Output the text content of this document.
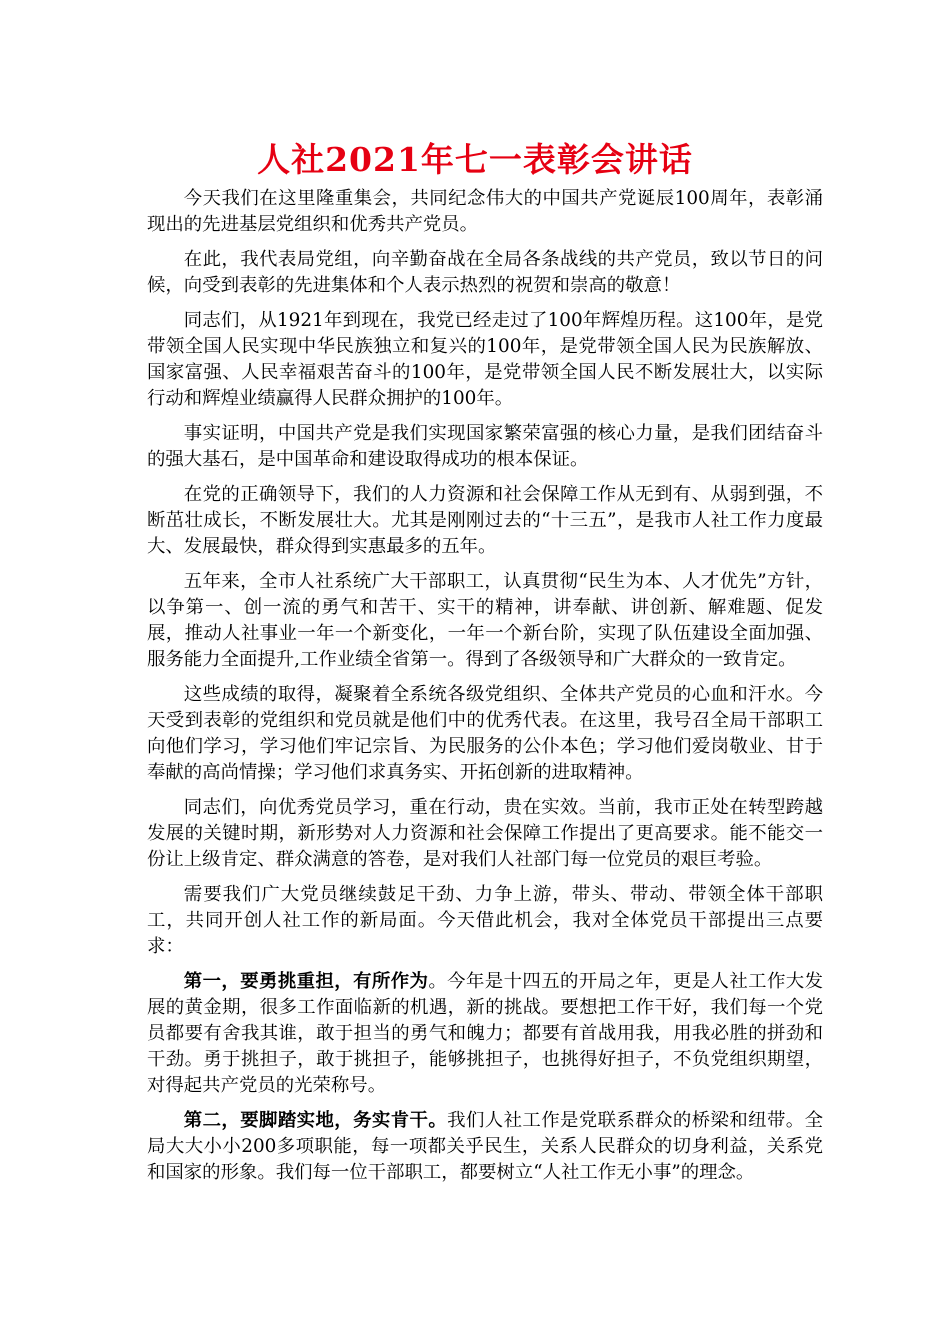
人社2021年七一表彰会讲话

今天我们在这里隆重集会，共同纪念伟大的中国共产党诞辰100周年，表彰涌现出的先进基层党组织和优秀共产党员。

在此，我代表局党组，向辛勤奋战在全局各条战线的共产党员，致以节日的问候，向受到表彰的先进集体和个人表示热烈的祝贺和崇高的敬意！

同志们，从1921年到现在，我党已经走过了100年辉煌历程。这100年，是党带领全国人民实现中华民族独立和复兴的100年，是党带领全国人民为民族解放、国家富强、人民幸福艰苦奋斗的100年，是党带领全国人民不断发展壮大，以实际行动和辉煌业绩赢得人民群众拥护的100年。

事实证明，中国共产党是我们实现国家繁荣富强的核心力量，是我们团结奋斗的强大基石，是中国革命和建设取得成功的根本保证。

在党的正确领导下，我们的人力资源和社会保障工作从无到有、从弱到强，不断茁壮成长，不断发展壮大。尤其是刚刚过去的“十三五”，是我市人社工作力度最大、发展最快，群众得到实惠最多的五年。

五年来，全市人社系统广大干部职工，认真贯彻“民生为本、人才优先”方针，以争第一、创一流的勇气和苦干、实干的精神，讲奉献、讲创新、解难题、促发展，推动人社事业一年一个新变化，一年一个新台阶，实现了队伍建设全面加强、服务能力全面提升,工作业绩全省第一。得到了各级领导和广大群众的一致肯定。

这些成绩的取得，凝聚着全系统各级党组织、全体共产党员的心血和汗水。今天受到表彰的党组织和党员就是他们中的优秀代表。在这里，我号召全局干部职工向他们学习，学习他们牢记宗旨、为民服务的公仆本色；学习他们爱岗敬业、甘于奉献的高尚情操；学习他们求真务实、开拓创新的进取精神。

同志们，向优秀党员学习，重在行动，贵在实效。当前，我市正处在转型跨越发展的关键时期，新形势对人力资源和社会保障工作提出了更高要求。能不能交一份让上级肯定、群众满意的答卷，是对我们人社部门每一位党员的艰巨考验。

需要我们广大党员继续鼓足干劲、力争上游，带头、带动、带领全体干部职工，共同开创人社工作的新局面。今天借此机会，我对全体党员干部提出三点要求：

第一，要勇挑重担，有所作为。今年是十四五的开局之年，更是人社工作大发展的黄金期，很多工作面临新的机遇，新的挑战。要想把工作干好，我们每一个党员都要有舍我其谁，敢于担当的勇气和魄力；都要有首战用我，用我必胜的拼劲和干劲。勇于挑担子，敢于挑担子，能够挑担子，也挑得好担子，不负党组织期望，对得起共产党员的光荣称号。

第二，要脚踏实地，务实肯干。我们人社工作是党联系群众的桥梁和纽带。全局大大小小200多项职能，每一项都关乎民生，关系人民群众的切身利益，关系党和国家的形象。我们每一位干部职工，都要树立“人社工作无小事”的理念。
